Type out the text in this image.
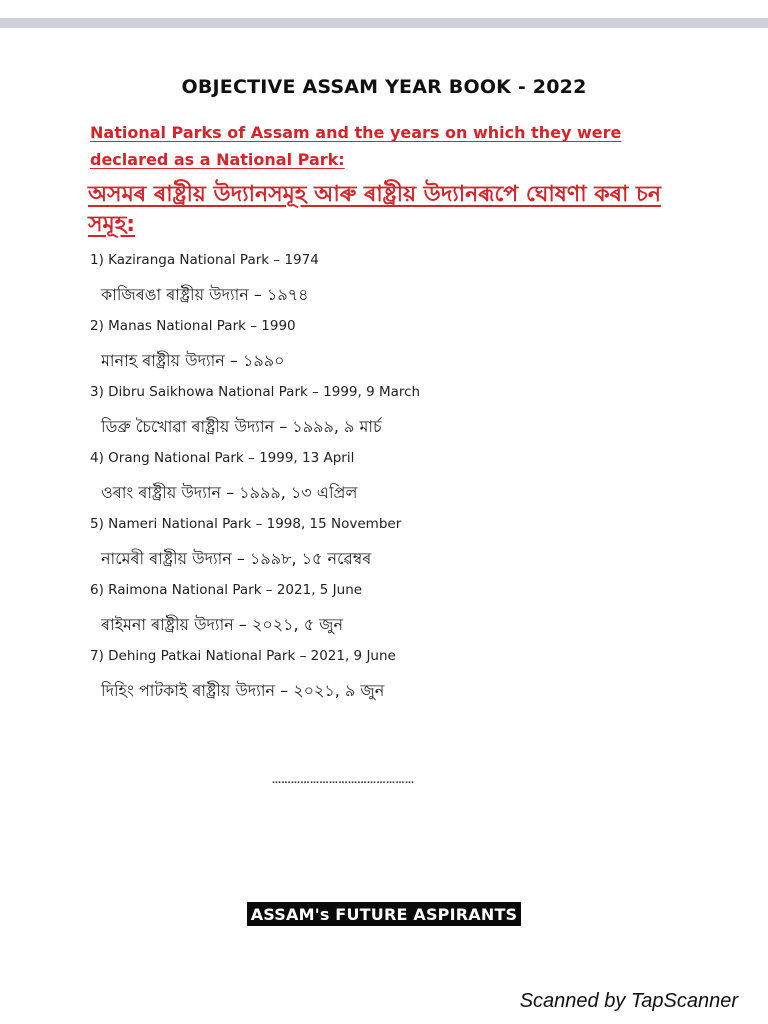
OBJECTIVE ASSAM YEAR BOOK - 2022
National Parks of Assam and the years on which they were declared as a National Park:
অসমৰ ৰাষ্ট্ৰীয় উদ্যানসমূহ আৰু ৰাষ্ট্ৰীয় উদ্যানৰূপে ঘোষণা কৰা চন সমূহ:
1) Kaziranga National Park – 1974
কাজিৰঙা ৰাষ্ট্ৰীয় উদ্যান – ১৯৭৪
2) Manas National Park – 1990
মানাহ ৰাষ্ট্ৰীয় উদ্যান – ১৯৯০
3) Dibru Saikhowa National Park – 1999, 9 March
ডিব্ৰু চৈখোৱা ৰাষ্ট্ৰীয় উদ্যান – ১৯৯৯, ৯ মাৰ্চ
4) Orang National Park – 1999, 13 April
ওৰাং ৰাষ্ট্ৰীয় উদ্যান – ১৯৯৯, ১৩ এপ্ৰিল
5) Nameri National Park – 1998, 15 November
নামেৰী ৰাষ্ট্ৰীয় উদ্যান – ১৯৯৮, ১৫ নৱেম্বৰ
6) Raimona National Park – 2021, 5 June
ৰাইমনা ৰাষ্ট্ৰীয় উদ্যান – ২০২১, ৫ জুন
7) Dehing Patkai National Park – 2021, 9 June
দিহিং পাটকাই ৰাষ্ট্ৰীয় উদ্যান – ২০২১, ৯ জুন
………………………………………
ASSAM's FUTURE ASPIRANTS
Scanned by TapScanner
